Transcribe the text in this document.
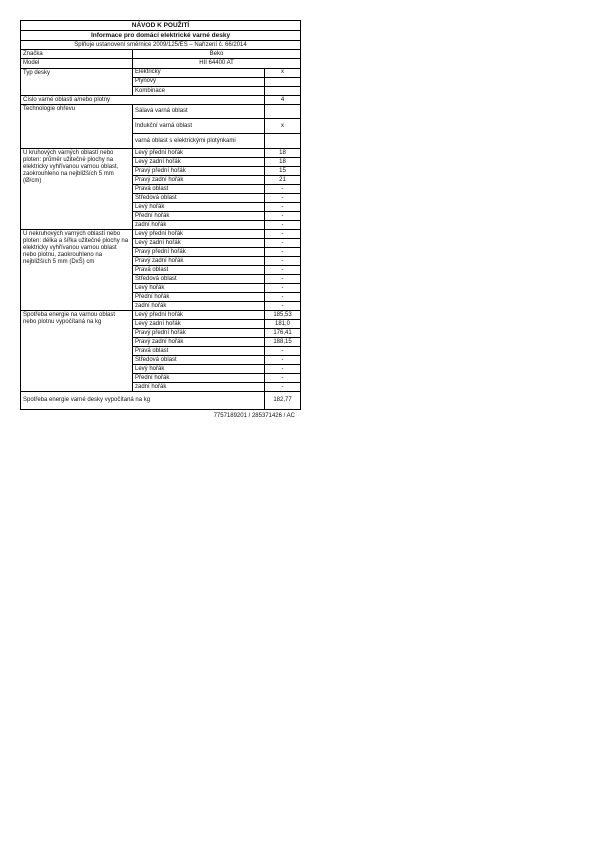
NÁVOD K POUŽITÍ		
Informace pro domácí elektrické varné desky		
Splňuje ustanovení směrnice 2009/125/ES – Nařízení č. 66/2014		
Značka	Beko	
Model	HII 64400 AT	
Typ desky	Elektrický	x
	Plynový	
	Kombinace	
Číslo varné oblasti a/nebo plotny		4
Technologie ohřevu	Sálavá varná oblast	
	Indukční varná oblast	x
	varná oblast s elektrickými plotýnkami	
U kruhových varných oblastí nebo ploten: průměr užitečné plochy na elektricky vyhřívanou varnou oblast, zaokrouhleno na nejbližších 5 mm (Ø/cm)	Levý přední hořák	18
	Levý zadní hořák	18
	Pravý přední hořák	15
	Pravý zadní hořák	21
	Pravá oblast	-
	Středová oblast	-
	Levý hořák	-
	Přední hořák	-
	zadní hořák	-
U nekruhových varných oblastí nebo ploten: délka a šířka užitečné plochy na elektricky vyhřívanou varnou oblast nebo plotnu, zaokrouhleno na nejbližších 5 mm (DxŠ) cm	Levý přední hořák	-
	Levý zadní hořák	-
	Pravý přední hořák	-
	Pravý zadní hořák	-
	Pravá oblast	-
	Středová oblast	-
	Levý hořák	-
	Přední hořák	-
	zadní hořák	-
Spotřeba energie na varnou oblast nebo plotnu vypočítaná na kg	Levý přední hořák	185,53
	Levý zadní hořák	181,0
	Pravý přední hořák	176,41
	Pravý zadní hořák	188,15
	Pravá oblast	-
	Středová oblast	-
	Levý hořák	-
	Přední hořák	-
	zadní hořák	-
Spotřeba energie varné desky vypočítaná na kg		182,77
7757189201 / 285371426 / AC
